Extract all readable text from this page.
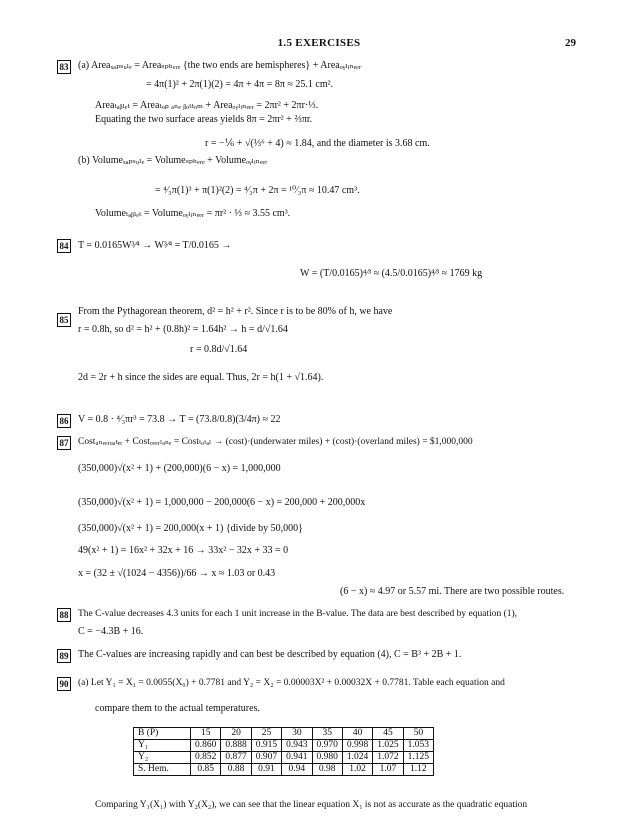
1.5 EXERCISES	29
83 (a) Areaₓₐₚₛᵤₗₑ = Areaₛₚₕₑᵣₑ {the two ends are hemispheres} + Areaₒᵧₗᵢₙₑₑᵣ
= 4π(1)² + 2π(1)(2) = 4π + 4π = 8π ≈ 25.1 cm².
Areaₜₐᵦₗₑₜ = Areaₜₒₚ ₐₙₑ ᵦₒₜₜₒₘ + Areaₒᵧₗᵢₙₑₑᵣ = 2πr² + 2πr·⅓.
Equating the two surface areas yields 8π = 2πr² + ⅔πr.
r = −⅙ + √(⅓⁶ + 4) ≈ 1.84, and the diameter is 3.68 cm.
(b) Volumeₓₐₚₛᵤₗₑ = Volumeₛₚₕₑᵣₑ + Volumeₒᵧₗᵢₙₑₑᵣ
= ⁴⁄₃π(1)³ + π(1)²(2) = ⁴⁄₃π + 2π = ¹⁰⁄₃π ≈ 10.47 cm³.
Volumeₜₐᵦₗₑₜ = Volumeₒᵧₗᵢₙₑₑᵣ = πr² · ⅓ ≈ 3.55 cm³.
84 T = 0.0165W³⁄⁴ → W³⁄⁴ = T/0.0165 →
W = (T/0.0165)⁴⁄³ ≈ (4.5/0.0165)⁴⁄³ ≈ 1769 kg
85
From the Pythagorean theorem, d² = h² + r². Since r is to be 80% of h, we have
r = 0.8h, so d² = h² + (0.8h)² = 1.64h² → h = d/√1.64
r = 0.8d/√1.64
2d = 2r + h since the sides are equal. Thus, 2r = h(1 + √1.64).
86 V = 0.8 · ⁴⁄₃πr³ = 73.8 → T = (73.8/0.8)(3/4π) ≈ 22
87 Costᵤₙₑₑᵣᵤₐₜₑᵣ + Costₒᵥₑᵣₗₐₙₑ = Costₜₒₜₐₗ → (cost)·(underwater miles) + (cost)·(overland miles) = $1,000,000
(350,000)√(x² + 1) + (200,000)(6 − x) = 1,000,000
(350,000)√(x² + 1) = 1,000,000 − 200,000(6 − x) = 200,000 + 200,000x
(350,000)√(x² + 1) = 200,000(x + 1) {divide by 50,000}
49(x² + 1) = 16x² + 32x + 16 → 33x² − 32x + 33 = 0
x = (32 ± √(1024 − 4356))/66 → x ≈ 1.03 or 0.43
(6 − x) ≈ 4.97 or 5.57 mi. There are two possible routes.
88 The C-value decreases 4.3 units for each 1 unit increase in the B-value. The data are best described by equation (1),
C = −4.3B + 16.
89 The C-values are increasing rapidly and can best be described by equation (4), C = B³ + 2B + 1.
90 (a) Let Y₁ = X₁ = 0.0055(X₀) + 0.7781 and Y₂ = X₂ = 0.00003X² + 0.00032X + 0.7781. Table each equation and
compare them to the actual temperatures.
B (P)	15	20	25	30	35	40	45	50
Y₁	0.860	0.888	0.915	0.943	0.970	0.998	1.025	1.053
Y₂	0.852	0.877	0.907	0.941	0.980	1.024	1.072	1.125
S. Hem.	0.85	0.88	0.91	0.94	0.98	1.02	1.07	1.12
Comparing Y₁(X₁) with Y₂(X₂), we can see that the linear equation X₁ is not as accurate as the quadratic equation
